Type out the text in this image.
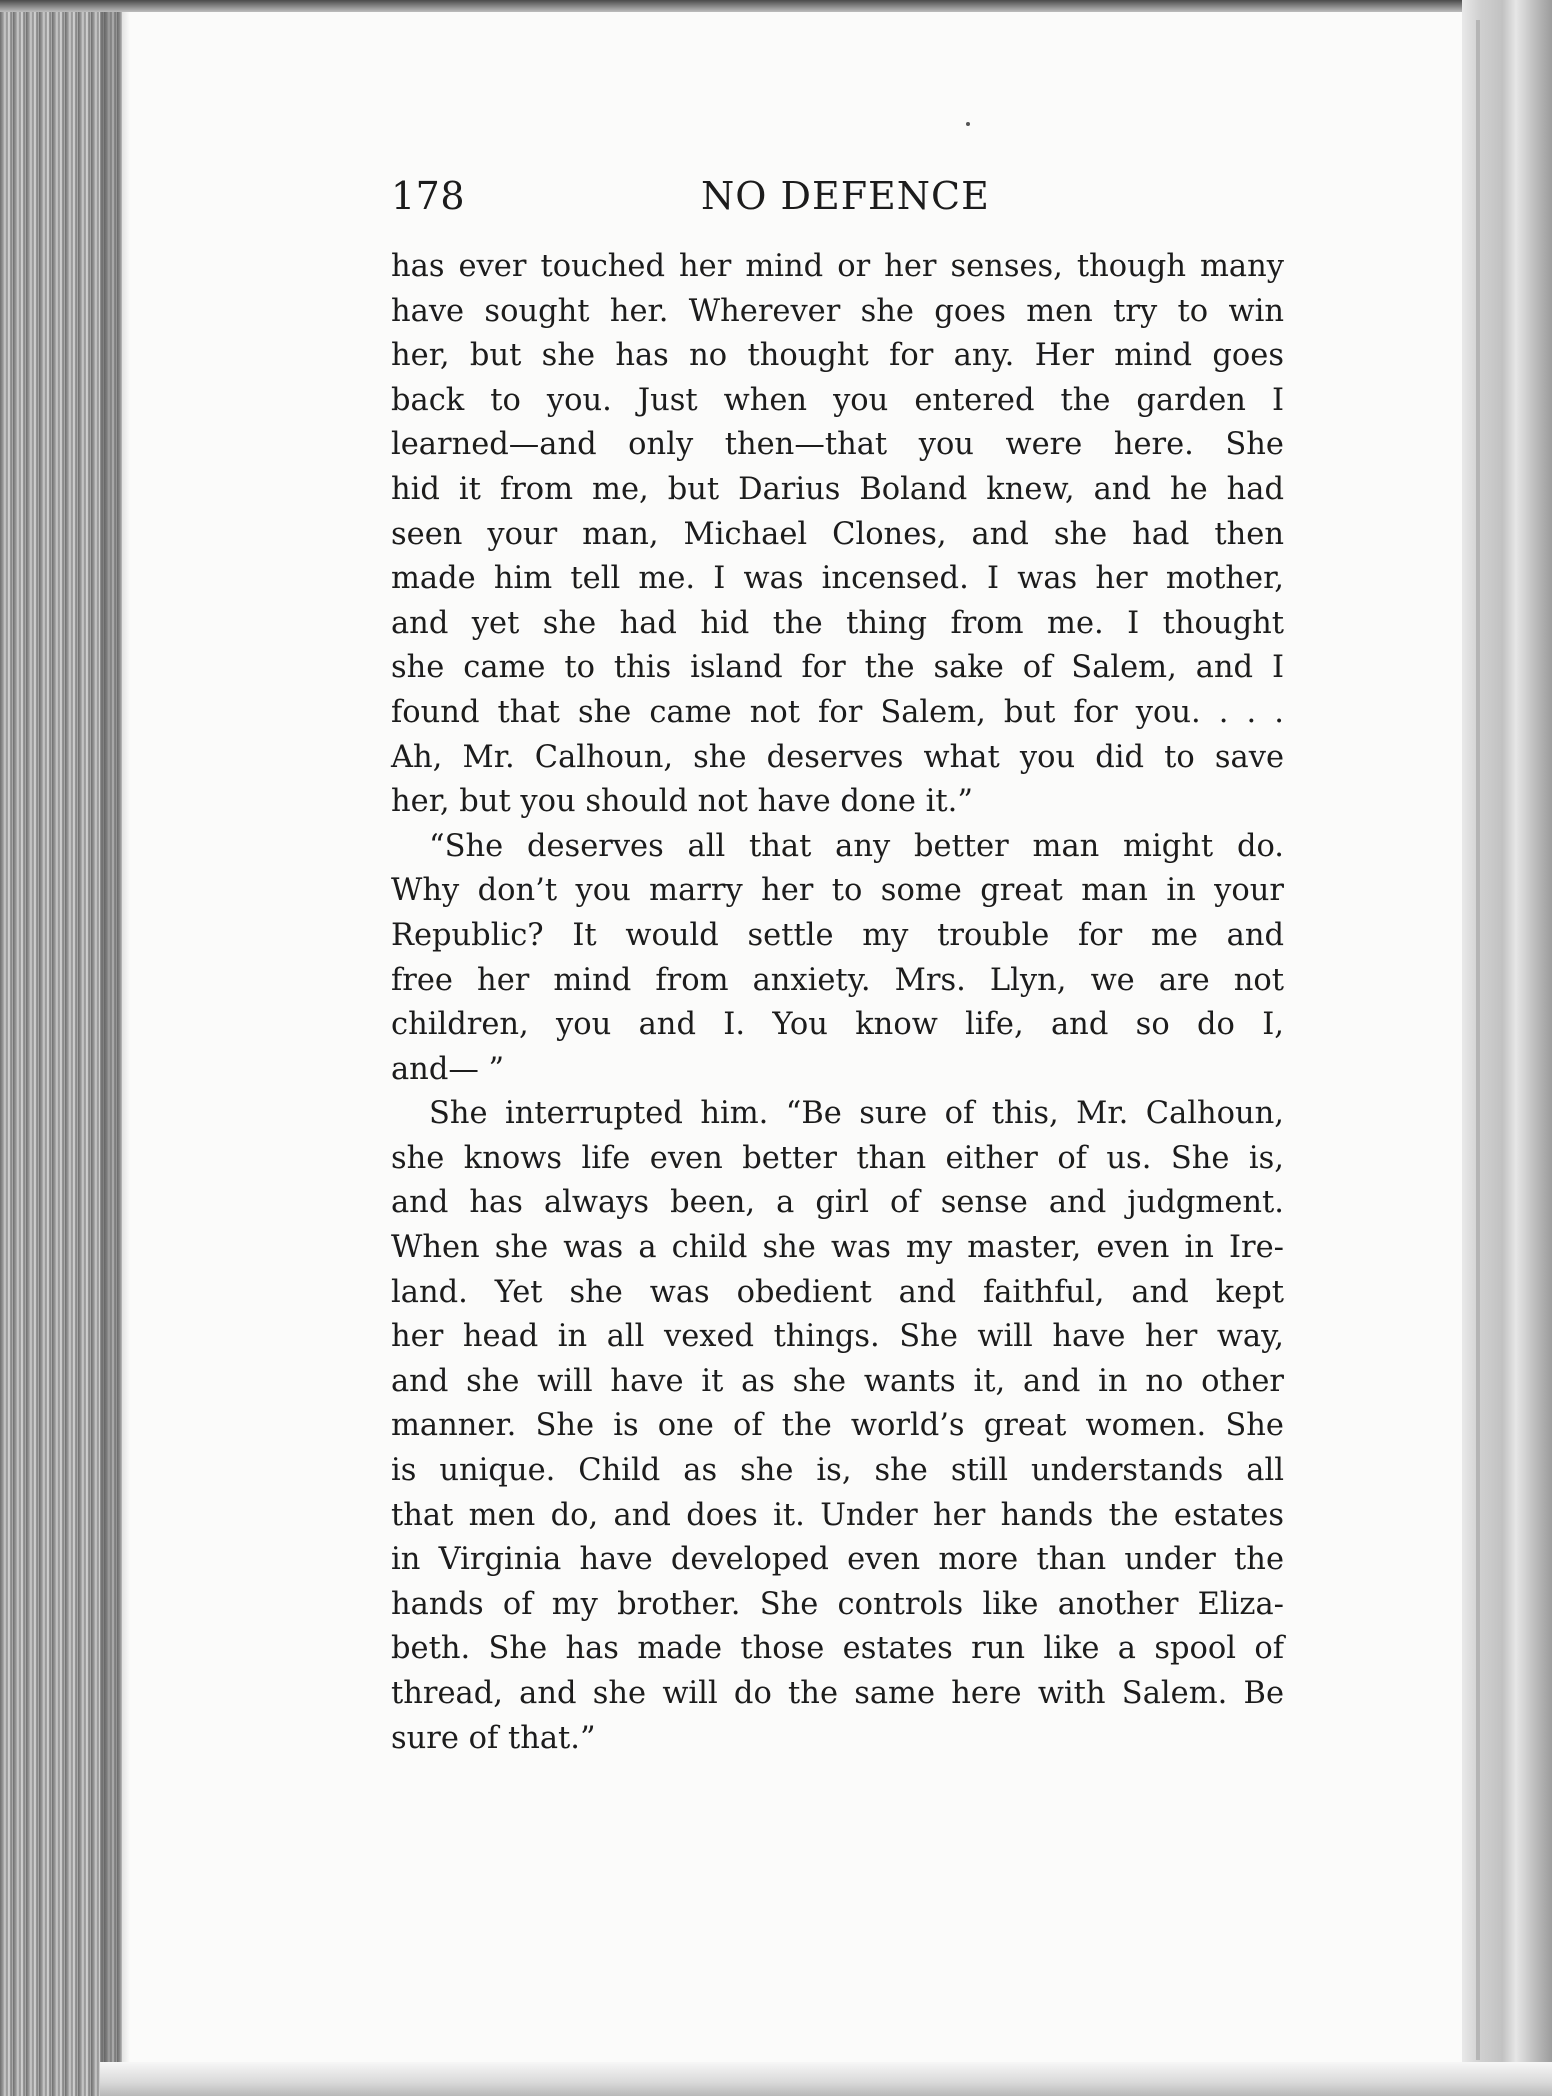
178	NO DEFENCE
has ever touched her mind or her senses, though many
have sought her. Wherever she goes men try to win
her, but she has no thought for any. Her mind goes
back to you. Just when you entered the garden I
learned—and only then—that you were here. She
hid it from me, but Darius Boland knew, and he had
seen your man, Michael Clones, and she had then
made him tell me. I was incensed. I was her mother,
and yet she had hid the thing from me. I thought
she came to this island for the sake of Salem, and I
found that she came not for Salem, but for you. . . .
Ah, Mr. Calhoun, she deserves what you did to save
her, but you should not have done it.”
“She deserves all that any better man might do.
Why don’t you marry her to some great man in your
Republic? It would settle my trouble for me and
free her mind from anxiety. Mrs. Llyn, we are not
children, you and I. You know life, and so do I,
and— ”
She interrupted him. “Be sure of this, Mr. Calhoun,
she knows life even better than either of us. She is,
and has always been, a girl of sense and judgment.
When she was a child she was my master, even in Ire-
land. Yet she was obedient and faithful, and kept
her head in all vexed things. She will have her way,
and she will have it as she wants it, and in no other
manner. She is one of the world’s great women. She
is unique. Child as she is, she still understands all
that men do, and does it. Under her hands the estates
in Virginia have developed even more than under the
hands of my brother. She controls like another Eliza-
beth. She has made those estates run like a spool of
thread, and she will do the same here with Salem. Be
sure of that.”
